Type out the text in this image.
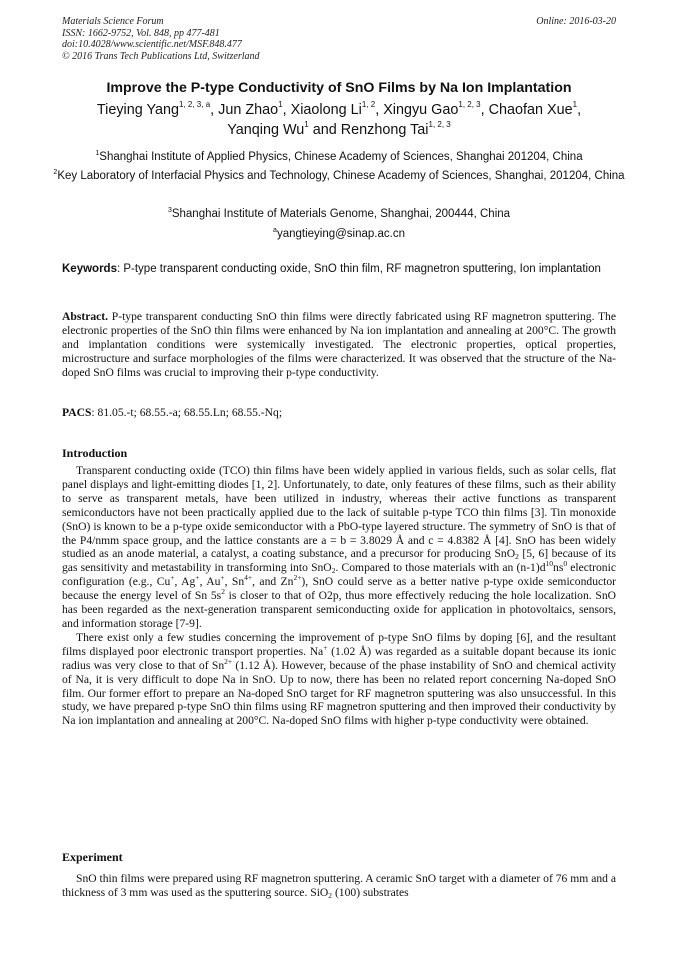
Materials Science Forum
ISSN: 1662-9752, Vol. 848, pp 477-481
doi:10.4028/www.scientific.net/MSF.848.477
© 2016 Trans Tech Publications Ltd, Switzerland
Online: 2016-03-20
Improve the P-type Conductivity of SnO Films by Na Ion Implantation
Tieying Yang$^{1, 2, 3, a}$, Jun Zhao$^1$, Xiaolong Li$^{1, 2}$, Xingyu Gao$^{1, 2, 3}$, Chaofan Xue$^1$,
Yanqing Wu$^1$ and Renzhong Tai$^{1, 2, 3}$
$^1$Shanghai Institute of Applied Physics, Chinese Academy of Sciences, Shanghai 201204, China
$^2$Key Laboratory of Interfacial Physics and Technology, Chinese Academy of Sciences, Shanghai, 201204, China
$^3$Shanghai Institute of Materials Genome, Shanghai, 200444, China
$^a$yangtieying@sinap.ac.cn
Keywords: P-type transparent conducting oxide, SnO thin film, RF magnetron sputtering, Ion implantation
Abstract. P-type transparent conducting SnO thin films were directly fabricated using RF magnetron sputtering. The electronic properties of the SnO thin films were enhanced by Na ion implantation and annealing at 200°C. The growth and implantation conditions were systemically investigated. The electronic properties, optical properties, microstructure and surface morphologies of the films were characterized. It was observed that the structure of the Na-doped SnO films was crucial to improving their p-type conductivity.
PACS: 81.05.-t; 68.55.-a; 68.55.Ln; 68.55.-Nq;
Introduction

Transparent conducting oxide (TCO) thin films have been widely applied in various fields, such as solar cells, flat panel displays and light-emitting diodes [1, 2]. Unfortunately, to date, only features of these films, such as their ability to serve as transparent metals, have been utilized in industry, whereas their active functions as transparent semiconductors have not been practically applied due to the lack of suitable p-type TCO thin films [3]. Tin monoxide (SnO) is known to be a p-type oxide semiconductor with a PbO-type layered structure. The symmetry of SnO is that of the P4/nmm space group, and the lattice constants are a = b = 3.8029 Å and c = 4.8382 Å [4]. SnO has been widely studied as an anode material, a catalyst, a coating substance, and a precursor for producing SnO$_2$ [5, 6] because of its gas sensitivity and metastability in transforming into SnO$_2$. Compared to those materials with an $(n-1)d^{10}ns^0$ electronic configuration (e.g., Cu+, Ag+, Au+, $Sn^{4+}$, and $Zn^{2+}$), SnO could serve as a better native p-type oxide semiconductor because the energy level of Sn $5s^2$ is closer to that of O2p, thus more effectively reducing the hole localization. SnO has been regarded as the next-generation transparent semiconducting oxide for application in photovoltaics, sensors, and information storage [7-9].

There exist only a few studies concerning the improvement of p-type SnO films by doping [6], and the resultant films displayed poor electronic transport properties. Na+ (1.02 Å) was regarded as a suitable dopant because its ionic radius was very close to that of $Sn^{2+}$ (1.12 Å). However, because of the phase instability of SnO and chemical activity of Na, it is very difficult to dope Na in SnO. Up to now, there has been no related report concerning Na-doped SnO film. Our former effort to prepare an Na-doped SnO target for RF magnetron sputtering was also unsuccessful. In this study, we have prepared p-type SnO thin films using RF magnetron sputtering and then improved their conductivity by Na ion implantation and annealing at 200°C. Na-doped SnO films with higher p-type conductivity were obtained.

Experiment

SnO thin films were prepared using RF magnetron sputtering. A ceramic SnO target with a diameter of 76 mm and a thickness of 3 mm was used as the sputtering source. SiO$_2$ (100) substrates
